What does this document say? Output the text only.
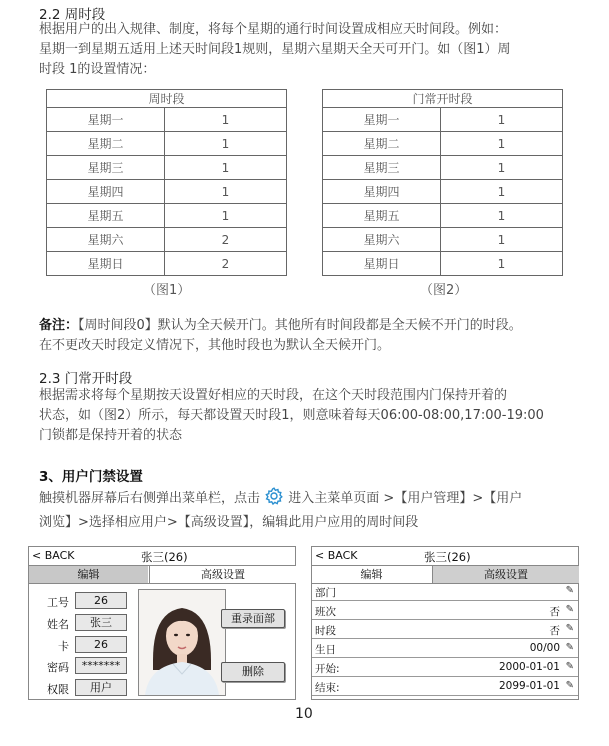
2.2 周时段
根据用户的出入规律、制度，将每个星期的通行时间设置成相应天时间段。例如：
星期一到星期五适用上述天时间段1规则，星期六星期天全天可开门。如（图1）周
时段 1的设置情况：
周时段	
星期一	1
星期二	1
星期三	1
星期四	1
星期五	1
星期六	2
星期日	2
（图1）
门常开时段	
星期一	1
星期二	1
星期三	1
星期四	1
星期五	1
星期六	1
星期日	1
（图2）
备注：【周时间段0】默认为全天候开门。其他所有时间段都是全天候不开门的时段。
在不更改天时段定义情况下，其他时段也为默认全天候开门。
2.3 门常开时段
根据需求将每个星期按天设置好相应的天时段，在这个天时段范围内门保持开着的
状态，如（图2）所示，每天都设置天时段1，则意味着每天06:00-08:00,17:00-19:00
门锁都是保持开着的状态
3、用户门禁设置
触摸机器屏幕后右侧弹出菜单栏，点击 进入主菜单页面 >【用户管理】>【用户
浏览】>选择相应用户>【高级设置】，编辑此用户应用的周时间段
< BACK	张三(26)
编辑	高级设置
工号	26
姓名	张三
卡	26
密码	*******
权限	用户
重录面部
删除
< BACK	张三(26)
编辑	高级设置
部门	✎
班次	否 ✎
时段	否 ✎
生日	00/00 ✎
开始:	2000-01-01 ✎
结束:	2099-01-01 ✎
10
